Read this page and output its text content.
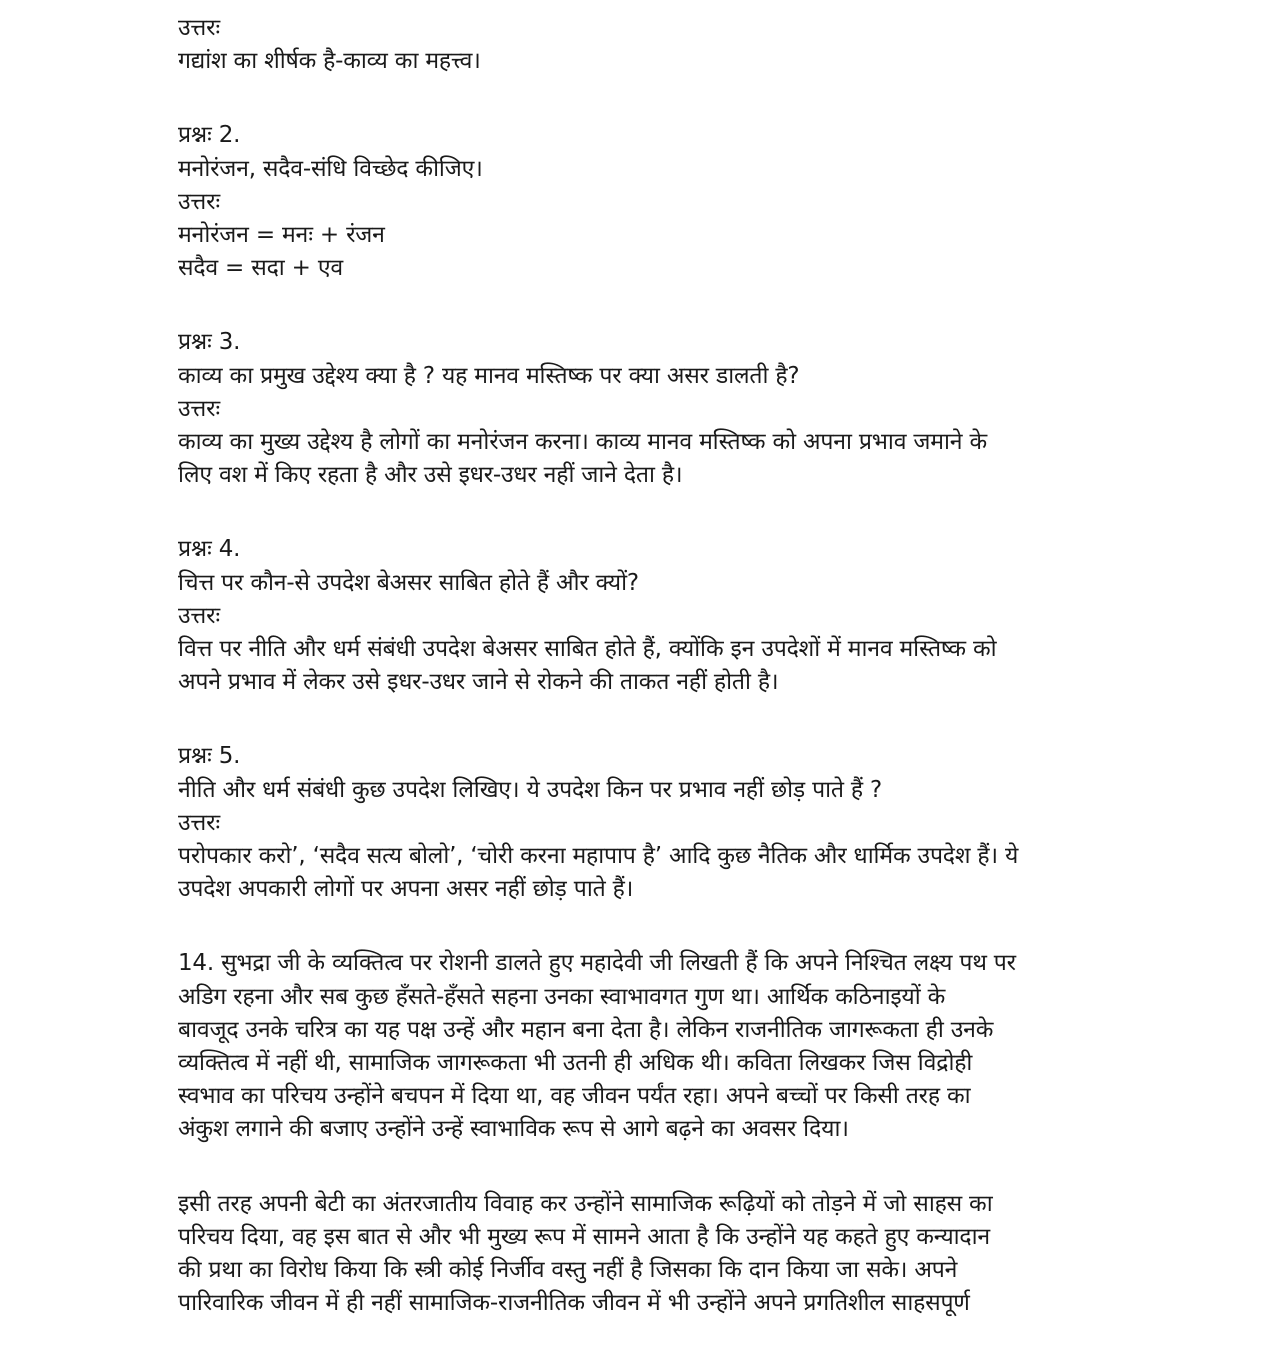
उत्तरः
गद्यांश का शीर्षक है-काव्य का महत्त्व।
प्रश्नः 2.
मनोरंजन, सदैव-संधि विच्छेद कीजिए।
उत्तरः
मनोरंजन = मनः + रंजन
सदैव = सदा + एव
प्रश्नः 3.
काव्य का प्रमुख उद्देश्य क्या है ? यह मानव मस्तिष्क पर क्या असर डालती है?
उत्तरः
काव्य का मुख्य उद्देश्य है लोगों का मनोरंजन करना। काव्य मानव मस्तिष्क को अपना प्रभाव जमाने के
लिए वश में किए रहता है और उसे इधर-उधर नहीं जाने देता है।
प्रश्नः 4.
चित्त पर कौन-से उपदेश बेअसर साबित होते हैं और क्यों?
उत्तरः
वित्त पर नीति और धर्म संबंधी उपदेश बेअसर साबित होते हैं, क्योंकि इन उपदेशों में मानव मस्तिष्क को
अपने प्रभाव में लेकर उसे इधर-उधर जाने से रोकने की ताकत नहीं होती है।
प्रश्नः 5.
नीति और धर्म संबंधी कुछ उपदेश लिखिए। ये उपदेश किन पर प्रभाव नहीं छोड़ पाते हैं ?
उत्तरः
परोपकार करो’, ‘सदैव सत्य बोलो’, ‘चोरी करना महापाप है’ आदि कुछ नैतिक और धार्मिक उपदेश हैं। ये
उपदेश अपकारी लोगों पर अपना असर नहीं छोड़ पाते हैं।
14. सुभद्रा जी के व्यक्तित्व पर रोशनी डालते हुए महादेवी जी लिखती हैं कि अपने निश्चित लक्ष्य पथ पर
अडिग रहना और सब कुछ हँसते-हँसते सहना उनका स्वाभावगत गुण था। आर्थिक कठिनाइयों के
बावजूद उनके चरित्र का यह पक्ष उन्हें और महान बना देता है। लेकिन राजनीतिक जागरूकता ही उनके
व्यक्तित्व में नहीं थी, सामाजिक जागरूकता भी उतनी ही अधिक थी। कविता लिखकर जिस विद्रोही
स्वभाव का परिचय उन्होंने बचपन में दिया था, वह जीवन पर्यंत रहा। अपने बच्चों पर किसी तरह का
अंकुश लगाने की बजाए उन्होंने उन्हें स्वाभाविक रूप से आगे बढ़ने का अवसर दिया।
इसी तरह अपनी बेटी का अंतरजातीय विवाह कर उन्होंने सामाजिक रूढ़ियों को तोड़ने में जो साहस का
परिचय दिया, वह इस बात से और भी मुख्य रूप में सामने आता है कि उन्होंने यह कहते हुए कन्यादान
की प्रथा का विरोध किया कि स्त्री कोई निर्जीव वस्तु नहीं है जिसका कि दान किया जा सके। अपने
पारिवारिक जीवन में ही नहीं सामाजिक-राजनीतिक जीवन में भी उन्होंने अपने प्रगतिशील साहसपूर्ण
